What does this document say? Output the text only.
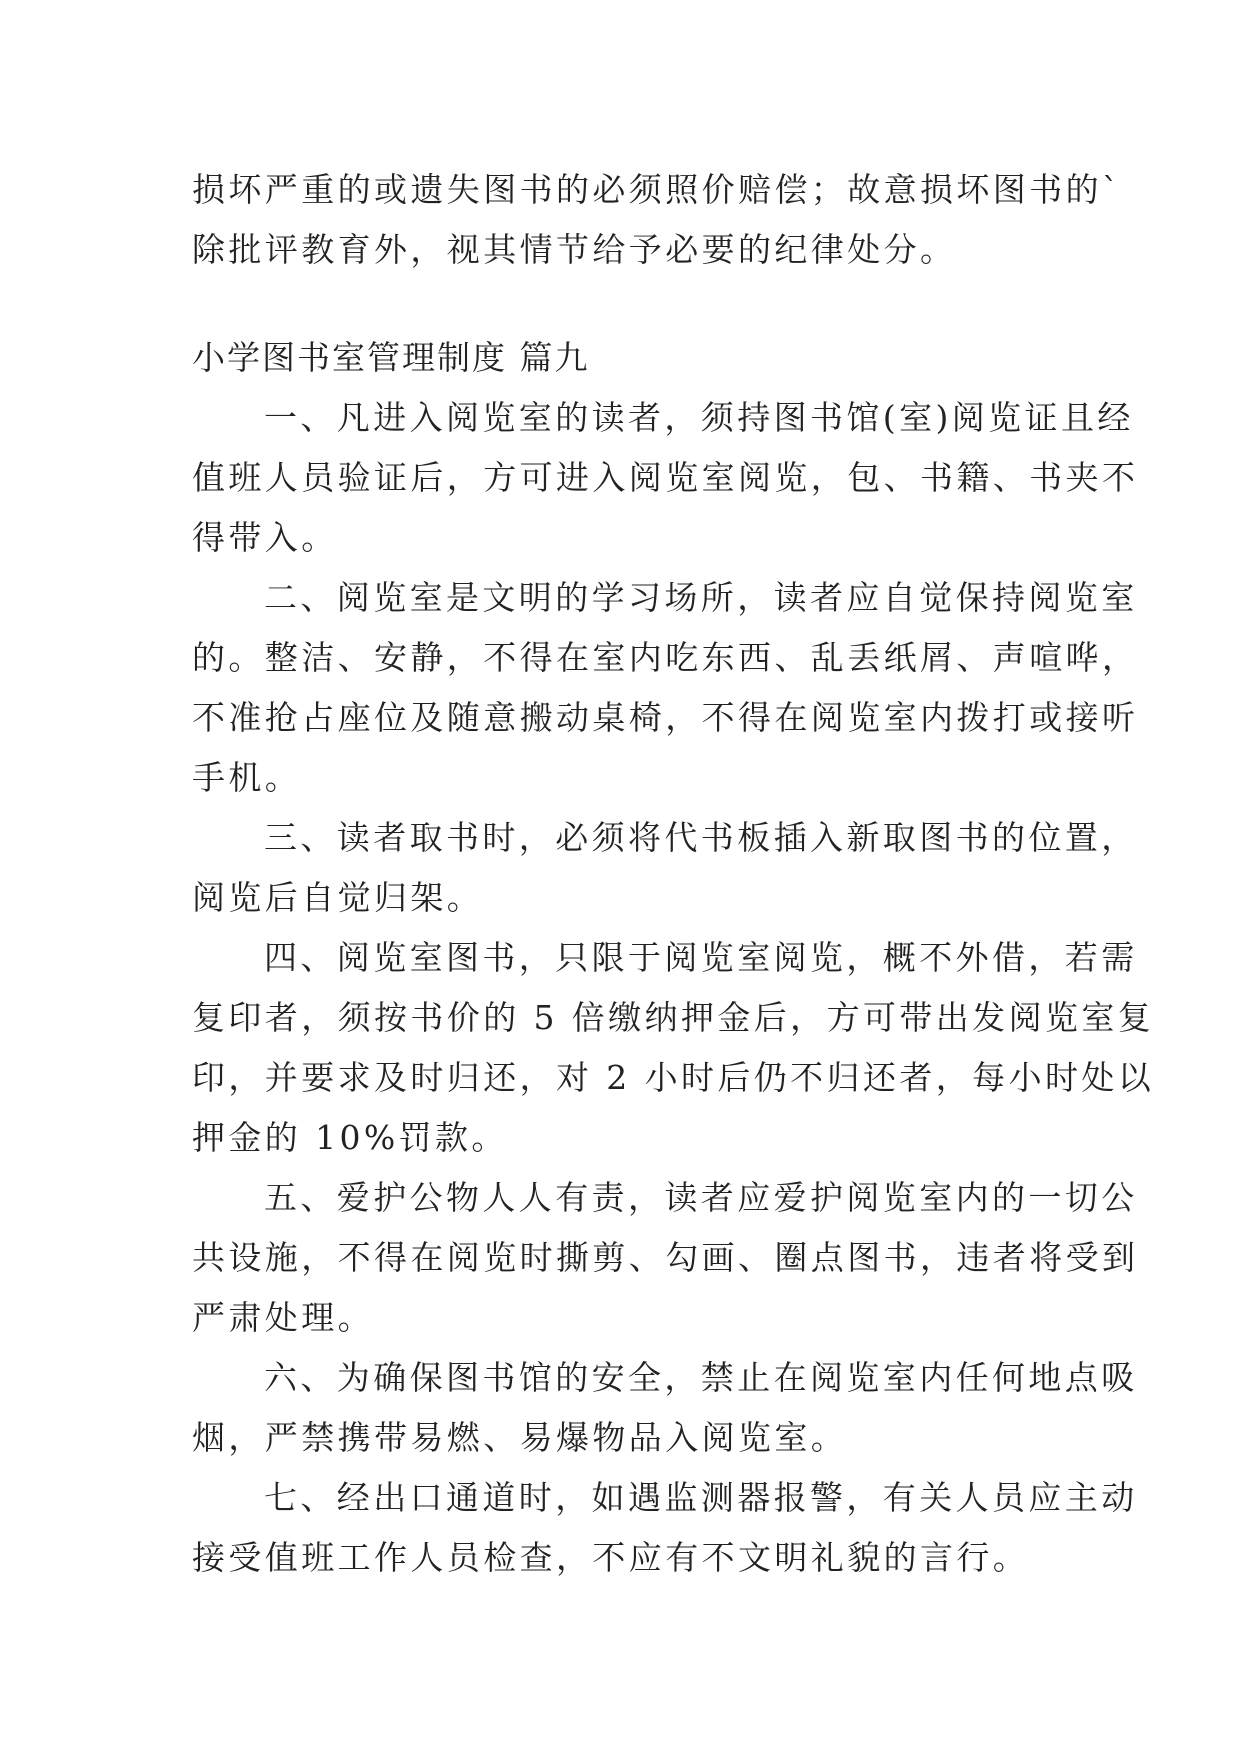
损坏严重的或遗失图书的必须照价赔偿；故意损坏图书的`
除批评教育外，视其情节给予必要的纪律处分。
小学图书室管理制度 篇九
一、凡进入阅览室的读者，须持图书馆(室)阅览证且经
值班人员验证后，方可进入阅览室阅览，包、书籍、书夹不
得带入。
二、阅览室是文明的学习场所，读者应自觉保持阅览室
的。整洁、安静，不得在室内吃东西、乱丢纸屑、声喧哗，
不准抢占座位及随意搬动桌椅，不得在阅览室内拨打或接听
手机。
三、读者取书时，必须将代书板插入新取图书的位置，
阅览后自觉归架。
四、阅览室图书，只限于阅览室阅览，概不外借，若需
复印者，须按书价的 5 倍缴纳押金后，方可带出发阅览室复
印，并要求及时归还，对 2 小时后仍不归还者，每小时处以
押金的 10%罚款。
五、爱护公物人人有责，读者应爱护阅览室内的一切公
共设施，不得在阅览时撕剪、勾画、圈点图书，违者将受到
严肃处理。
六、为确保图书馆的安全，禁止在阅览室内任何地点吸
烟，严禁携带易燃、易爆物品入阅览室。
七、经出口通道时，如遇监测器报警，有关人员应主动
接受值班工作人员检查，不应有不文明礼貌的言行。
